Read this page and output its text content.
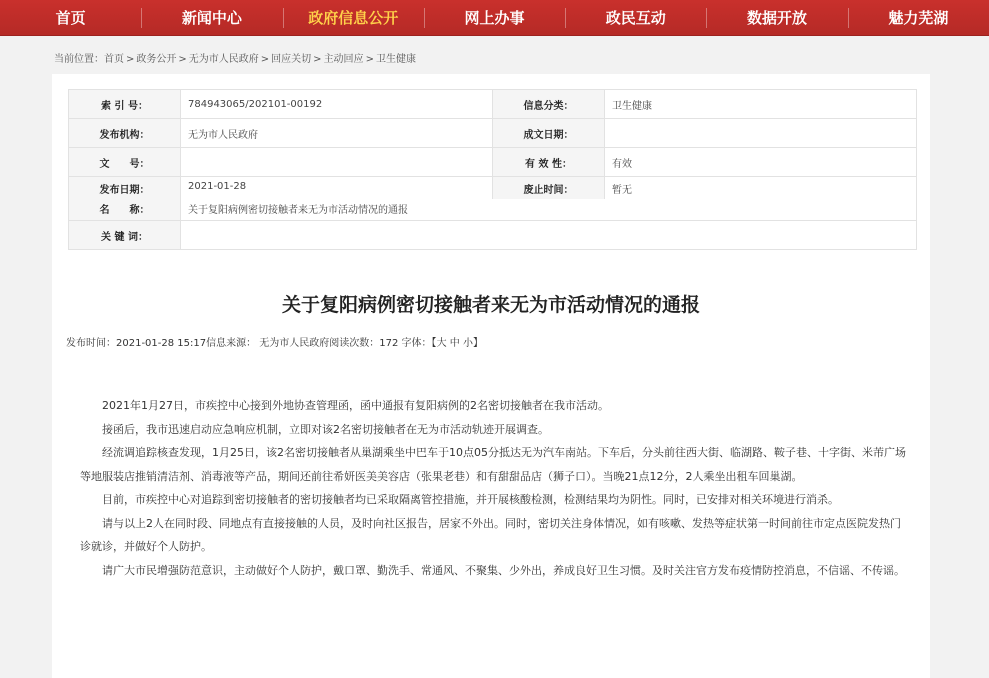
首页	新闻中心	政府信息公开	网上办事	政民互动	数据开放	魅力芜湖
当前位置：首页 > 政务公开 > 无为市人民政府 > 回应关切 > 主动回应 > 卫生健康
索 引 号：	784943065/202101-00192	信息分类：	卫生健康
发布机构：	无为市人民政府	成文日期：	
文　　号：		有 效 性：	有效
发布日期：	2021-01-28	废止时间：	暂无
名　　称：	关于复阳病例密切接触者来无为市活动情况的通报		
关 键 词：			
关于复阳病例密切接触者来无为市活动情况的通报
发布时间：2021-01-28 15:17信息来源： 无为市人民政府阅读次数：172 字体：【大 中 小】

2021年1月27日，市疾控中心接到外地协查管理函，函中通报有复阳病例的2名密切接触者在我市活动。

接函后，我市迅速启动应急响应机制，立即对该2名密切接触者在无为市活动轨迹开展调查。

经流调追踪核查发现，1月25日，该2名密切接触者从巢湖乘坐中巴车于10点05分抵达无为汽车南站。下车后，分头前往西大街、临湖路、鞍子巷、十字街、米芾广场等地服装店推销清洁剂、消毒液等产品，期间还前往希妍医美美容店（张果老巷）和有甜甜品店（狮子口）。当晚21点12分，2人乘坐出租车回巢湖。

目前，市疾控中心对追踪到密切接触者的密切接触者均已采取隔离管控措施，并开展核酸检测，检测结果均为阴性。同时，已安排对相关环境进行消杀。

请与以上2人在同时段、同地点有直接接触的人员，及时向社区报告，居家不外出。同时，密切关注身体情况，如有咳嗽、发热等症状第一时间前往市定点医院发热门诊就诊，并做好个人防护。

请广大市民增强防范意识，主动做好个人防护，戴口罩、勤洗手、常通风、不聚集、少外出，养成良好卫生习惯。及时关注官方发布疫情防控消息，不信谣、不传谣。
